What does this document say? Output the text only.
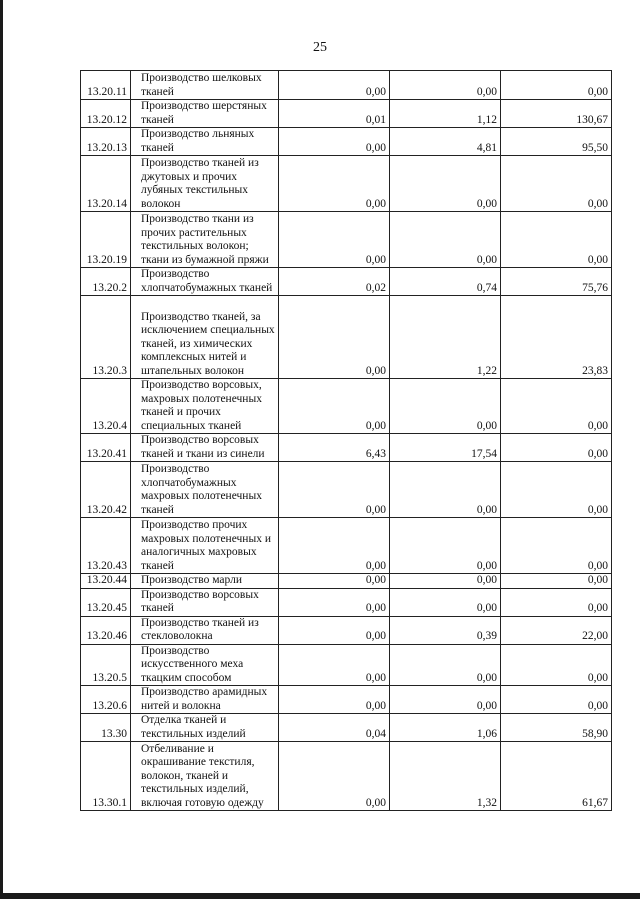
25
13.20.11	Производство шелковых тканей	0,00	0,00	0,00
13.20.12	Производство шерстяных тканей	0,01	1,12	130,67
13.20.13	Производство льняных тканей	0,00	4,81	95,50
13.20.14	Производство тканей из джутовых и прочих лубяных текстильных волокон	0,00	0,00	0,00
13.20.19	Производство ткани из прочих растительных текстильных волокон; ткани из бумажной пряжи	0,00	0,00	0,00
13.20.2	Производство хлопчатобумажных тканей	0,02	0,74	75,76
13.20.3	Производство тканей, за исключением специальных тканей, из химических комплексных нитей и штапельных волокон	0,00	1,22	23,83
13.20.4	Производство ворсовых, махровых полотенечных тканей и прочих специальных тканей	0,00	0,00	0,00
13.20.41	Производство ворсовых тканей и ткани из синели	6,43	17,54	0,00
13.20.42	Производство хлопчатобумажных махровых полотенечных тканей	0,00	0,00	0,00
13.20.43	Производство прочих махровых полотенечных и аналогичных махровых тканей	0,00	0,00	0,00
13.20.44	Производство марли	0,00	0,00	0,00
13.20.45	Производство ворсовых тканей	0,00	0,00	0,00
13.20.46	Производство тканей из стекловолокна	0,00	0,39	22,00
13.20.5	Производство искусственного меха ткацким способом	0,00	0,00	0,00
13.20.6	Производство арамидных нитей и волокна	0,00	0,00	0,00
13.30	Отделка тканей и текстильных изделий	0,04	1,06	58,90
13.30.1	Отбеливание и окрашивание текстиля, волокон, тканей и текстильных изделий, включая готовую одежду	0,00	1,32	61,67
